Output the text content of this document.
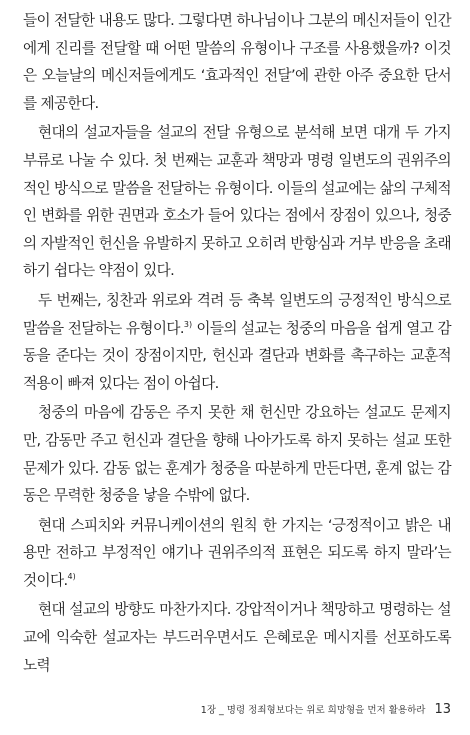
들이 전달한 내용도 많다. 그렇다면 하나님이나 그분의 메신저들이 인간에게 진리를 전달할 때 어떤 말씀의 유형이나 구조를 사용했을까? 이것은 오늘날의 메신저들에게도 ‘효과적인 전달’에 관한 아주 중요한 단서를 제공한다.

현대의 설교자들을 설교의 전달 유형으로 분석해 보면 대개 두 가지 부류로 나눌 수 있다. 첫 번째는 교훈과 책망과 명령 일변도의 권위주의적인 방식으로 말씀을 전달하는 유형이다. 이들의 설교에는 삶의 구체적인 변화를 위한 권면과 호소가 들어 있다는 점에서 장점이 있으나, 청중의 자발적인 헌신을 유발하지 못하고 오히려 반항심과 거부 반응을 초래하기 쉽다는 약점이 있다.

두 번째는, 칭찬과 위로와 격려 등 축복 일변도의 긍정적인 방식으로 말씀을 전달하는 유형이다.$^{3)}$ 이들의 설교는 청중의 마음을 쉽게 열고 감동을 준다는 것이 장점이지만, 헌신과 결단과 변화를 촉구하는 교훈적 적용이 빠져 있다는 점이 아쉽다.

청중의 마음에 감동은 주지 못한 채 헌신만 강요하는 설교도 문제지만, 감동만 주고 헌신과 결단을 향해 나아가도록 하지 못하는 설교 또한 문제가 있다. 감동 없는 훈계가 청중을 따분하게 만든다면, 훈계 없는 감동은 무력한 청중을 낳을 수밖에 없다.

현대 스피치와 커뮤니케이션의 원칙 한 가지는 ‘긍정적이고 밝은 내용만 전하고 부정적인 얘기나 권위주의적 표현은 되도록 하지 말라’는 것이다.$^{4)}$

현대 설교의 방향도 마찬가지다. 강압적이거나 책망하고 명령하는 설교에 익숙한 설교자는 부드러우면서도 은혜로운 메시지를 선포하도록 노력

1장 _ 명령 정죄형보다는 위로 희망형을 먼저 활용하라 13
